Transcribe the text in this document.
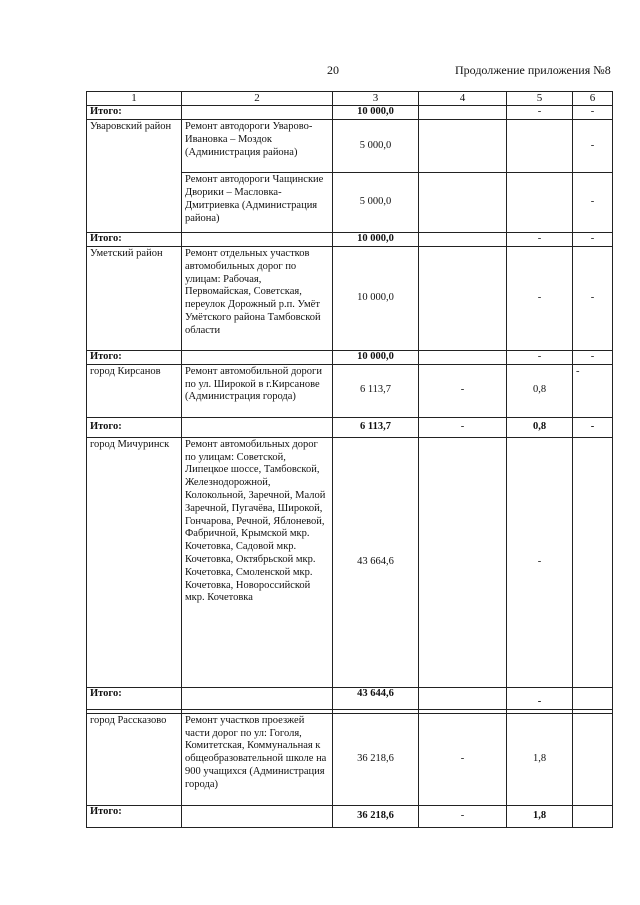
20	Продолжение приложения №8
1	2	3	4	5	6
Итого:		10 000,0		-	-
Уваровский район	Ремонт автодороги Уварово-Ивановка – Моздок (Администрация района)	5 000,0			-
	Ремонт автодороги Чащинские Дворики – Масловка-Дмитриевка (Администрация района)	5 000,0			-
Итого:		10 000,0		-	-
Уметский район	Ремонт отдельных участков автомобильных дорог по улицам: Рабочая, Первомайская, Советская, переулок Дорожный р.п. Умёт Умётского района Тамбовской области	10 000,0		-	-
Итого:		10 000,0		-	-
город Кирсанов	Ремонт автомобильной дороги по ул. Широкой в г.Кирсанове (Администрация города)	6 113,7	-	0,8	-
Итого:		6 113,7	-	0,8	-
город Мичуринск	Ремонт автомобильных дорог по улицам: Советской, Липецкое шоссе, Тамбовской, Железнодорожной, Колокольной, Заречной, Малой Заречной, Пугачёва, Широкой, Гончарова, Речной, Яблоневой, Фабричной, Крымской мкр. Кочетовка, Садовой мкр. Кочетовка, Октябрьской мкр. Кочетовка, Смоленской мкр. Кочетовка, Новороссийской мкр. Кочетовка	43 664,6		-	
Итого:		43 644,6		-	

город Рассказово	Ремонт участков проезжей части дорог по ул: Гоголя, Комитетская, Коммунальная к общеобразовательной школе на 900 учащихся (Администрация города)	36 218,6	-	1,8	
Итого:		36 218,6	-	1,8	
